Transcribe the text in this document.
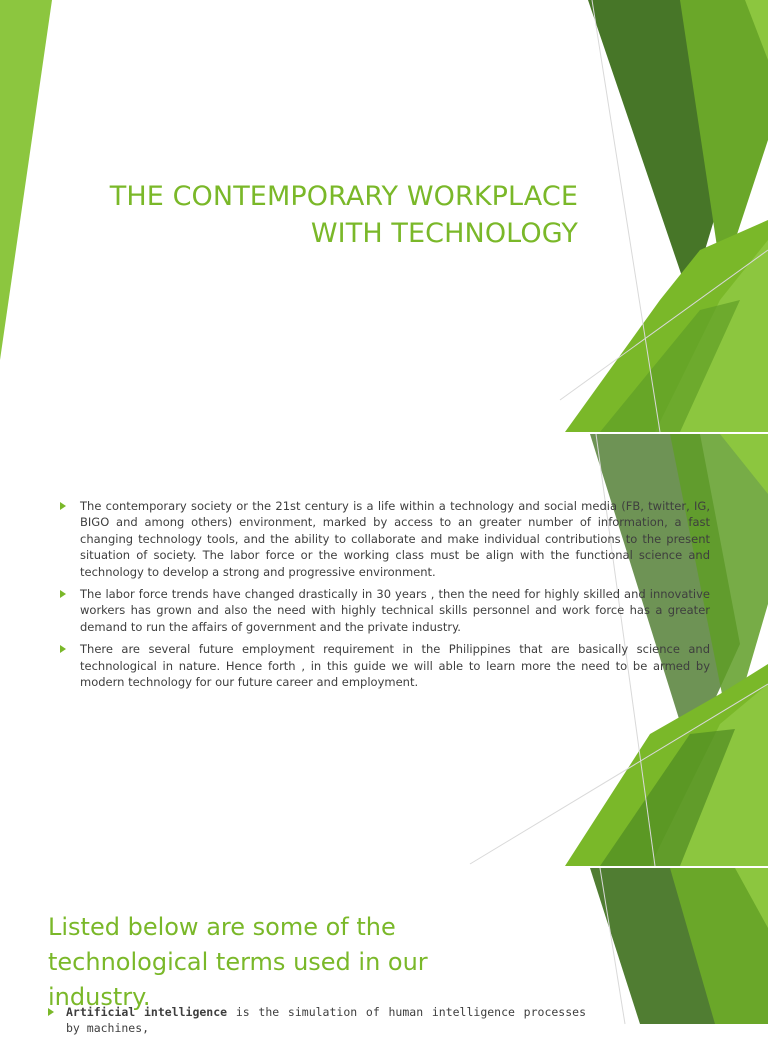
THE CONTEMPORARY WORKPLACE
WITH TECHNOLOGY
The contemporary society or the 21st century is a life within a technology and social media (FB, twitter, IG, BIGO and among others) environment, marked by access to an greater number of information, a fast changing technology tools, and the ability to collaborate and make individual contributions to the present situation of society. The labor force or the working class must be align with the functional science and technology to develop a strong and progressive environment.
The labor force trends have changed drastically in 30 years , then the need for highly skilled and innovative workers has grown and also the need with highly technical skills personnel and work force has a greater demand to run the affairs of government and the private industry.
There are several future employment requirement in the Philippines that are basically science and technological in nature. Hence forth , in this guide we will able to learn more the need to be armed by modern technology for our future career and employment.
Listed below are some of the technological terms used in our industry.
Artificial intelligence is the simulation of human intelligence processes by machines,
